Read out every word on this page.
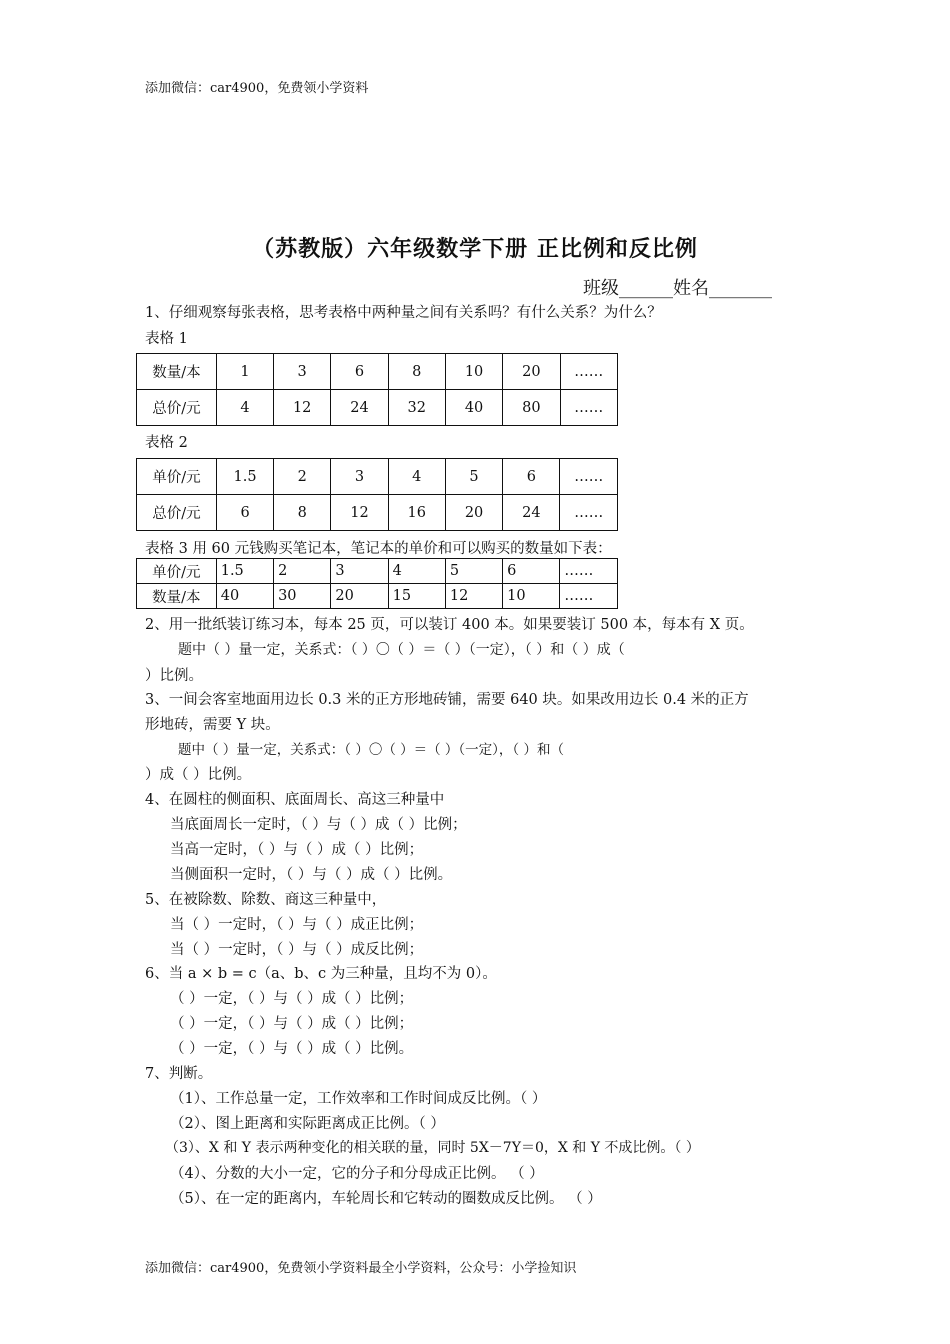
添加微信：car4900，免费领小学资料
（苏教版）六年级数学下册 正比例和反比例
班级______姓名_______
1、仔细观察每张表格，思考表格中两种量之间有关系吗？有什么关系？为什么？
表格 1
数量/本	1	3	6	8	10	20	……
总价/元	4	12	24	32	40	80	……
表格 2
单价/元	1.5	2	3	4	5	6	……
总价/元	6	8	12	16	20	24	……
表格 3 用 60 元钱购买笔记本，笔记本的单价和可以购买的数量如下表：
单价/元	1.5	2	3	4	5	6	……
数量/本	40	30	20	15	12	10	……
2、用一批纸装订练习本，每本 25 页，可以装订 400 本。如果要装订 500 本，每本有 X 页。
题中（ ）量一定，关系式：（ ）〇（ ）＝（ ）（一定），（ ）和（ ）成（
）比例。
3、一间会客室地面用边长 0.3 米的正方形地砖铺，需要 640 块。如果改用边长 0.4 米的正方
形地砖，需要 Y 块。
题中（ ）量一定，关系式：（ ）〇（ ）＝（ ）（一定），（ ）和（
）成（ ）比例。
4、在圆柱的侧面积、底面周长、高这三种量中
当底面周长一定时，（ ）与（ ）成（ ）比例；
当高一定时，（ ）与（ ）成（ ）比例；
当侧面积一定时，（ ）与（ ）成（ ）比例。
5、在被除数、除数、商这三种量中，
当（ ）一定时，（ ）与（ ）成正比例；
当（ ）一定时，（ ）与（ ）成反比例；
6、当 a × b = c（a、b、c 为三种量，且均不为 0）。
（ ）一定，（ ）与（ ）成（ ）比例；
（ ）一定，（ ）与（ ）成（ ）比例；
（ ）一定，（ ）与（ ）成（ ）比例。
7、判断。
（1）、工作总量一定，工作效率和工作时间成反比例。（ ）
（2）、图上距离和实际距离成正比例。（ ）
（3）、X 和 Y 表示两种变化的相关联的量，同时 5X－7Y＝0，X 和 Y 不成比例。（ ）
（4）、分数的大小一定，它的分子和分母成正比例。 （ ）
（5）、在一定的距离内，车轮周长和它转动的圈数成反比例。 （ ）
添加微信：car4900，免费领小学资料最全小学资料，公众号：小学捡知识
